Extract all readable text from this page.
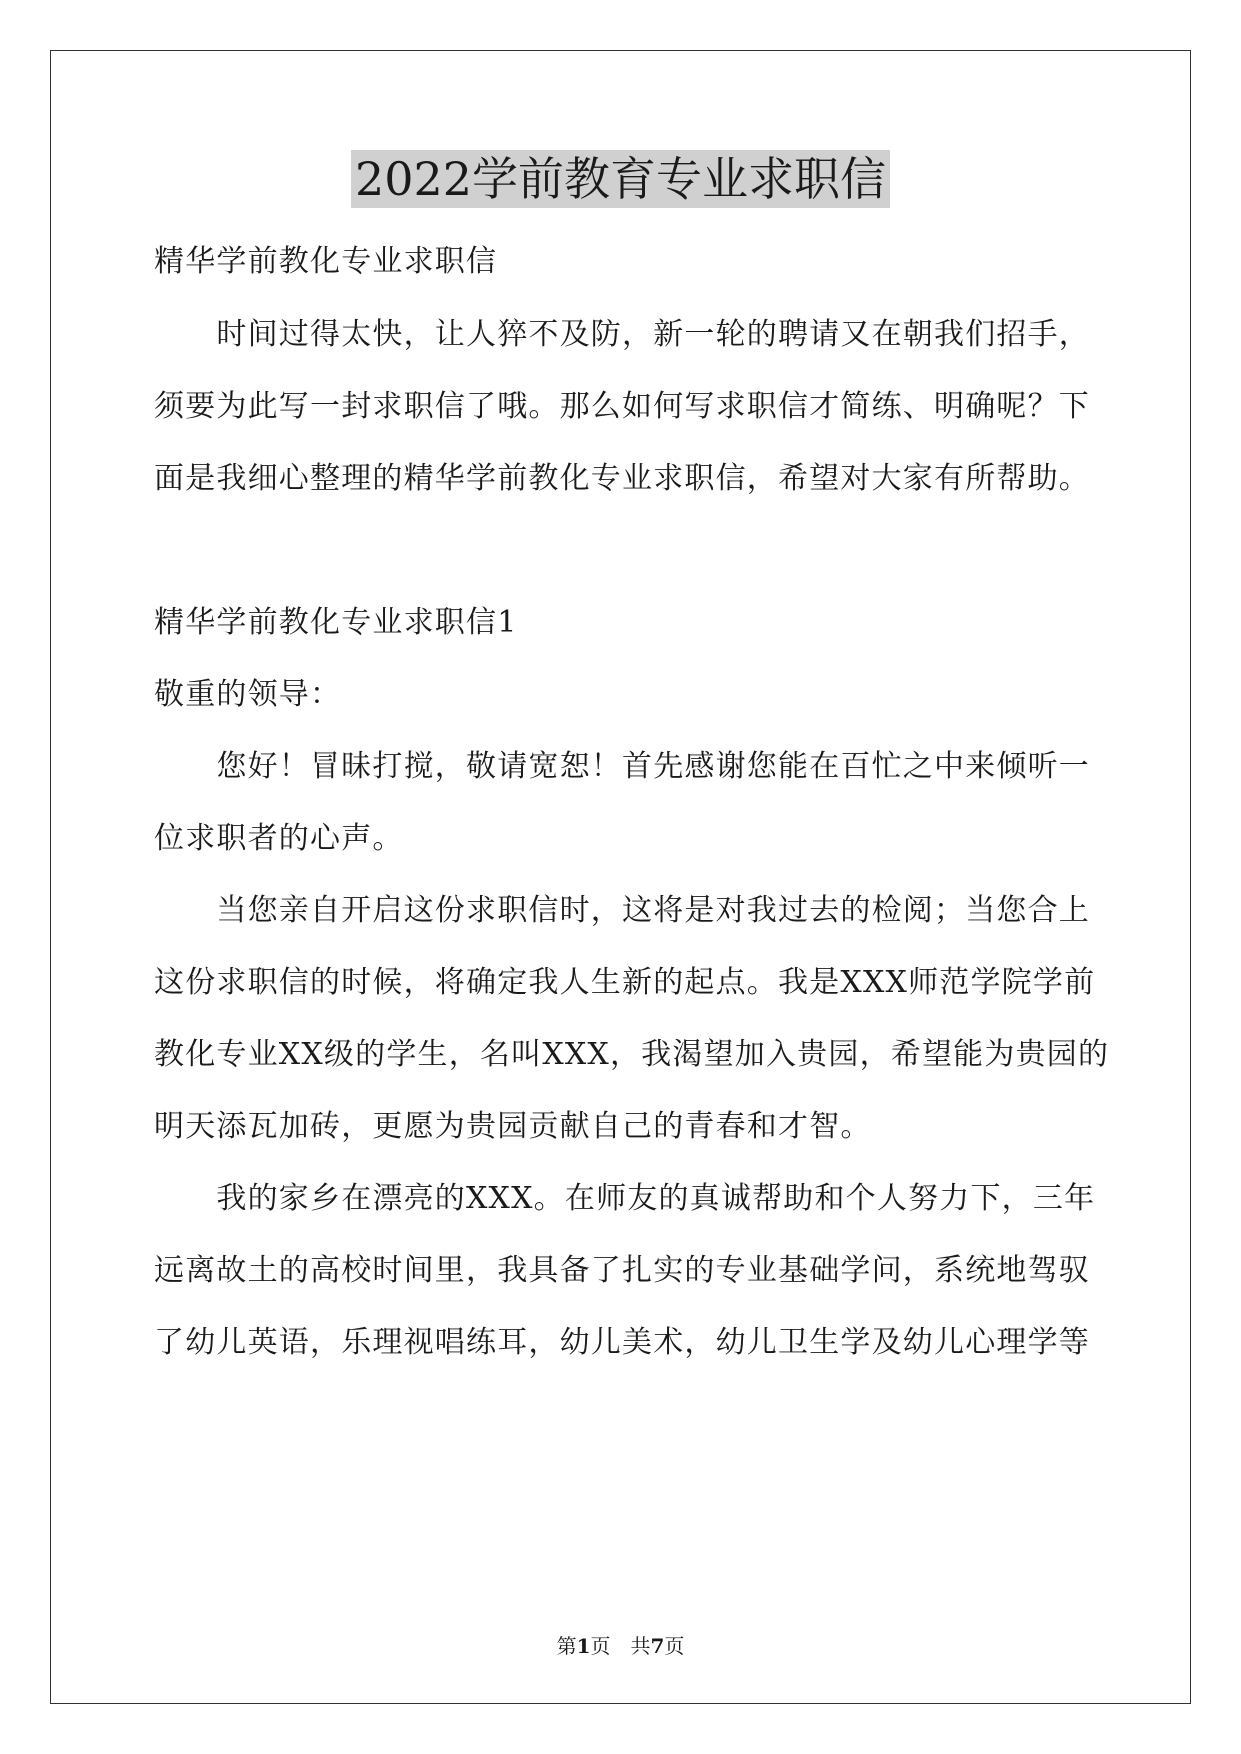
2022学前教育专业求职信
精华学前教化专业求职信
　　时间过得太快，让人猝不及防，新一轮的聘请又在朝我们招手，
须要为此写一封求职信了哦。那么如何写求职信才简练、明确呢？下
面是我细心整理的精华学前教化专业求职信，希望对大家有所帮助。
精华学前教化专业求职信1
敬重的领导：
　　您好！冒昧打搅，敬请宽恕！首先感谢您能在百忙之中来倾听一
位求职者的心声。
　　当您亲自开启这份求职信时，这将是对我过去的检阅；当您合上
这份求职信的时候，将确定我人生新的起点。我是XXX师范学院学前
教化专业XX级的学生，名叫XXX，我渴望加入贵园，希望能为贵园的
明天添瓦加砖，更愿为贵园贡献自己的青春和才智。
　　我的家乡在漂亮的XXX。在师友的真诚帮助和个人努力下，三年
远离故土的高校时间里，我具备了扎实的专业基础学问，系统地驾驭
了幼儿英语，乐理视唱练耳，幼儿美术，幼儿卫生学及幼儿心理学等
第1页　共7页
